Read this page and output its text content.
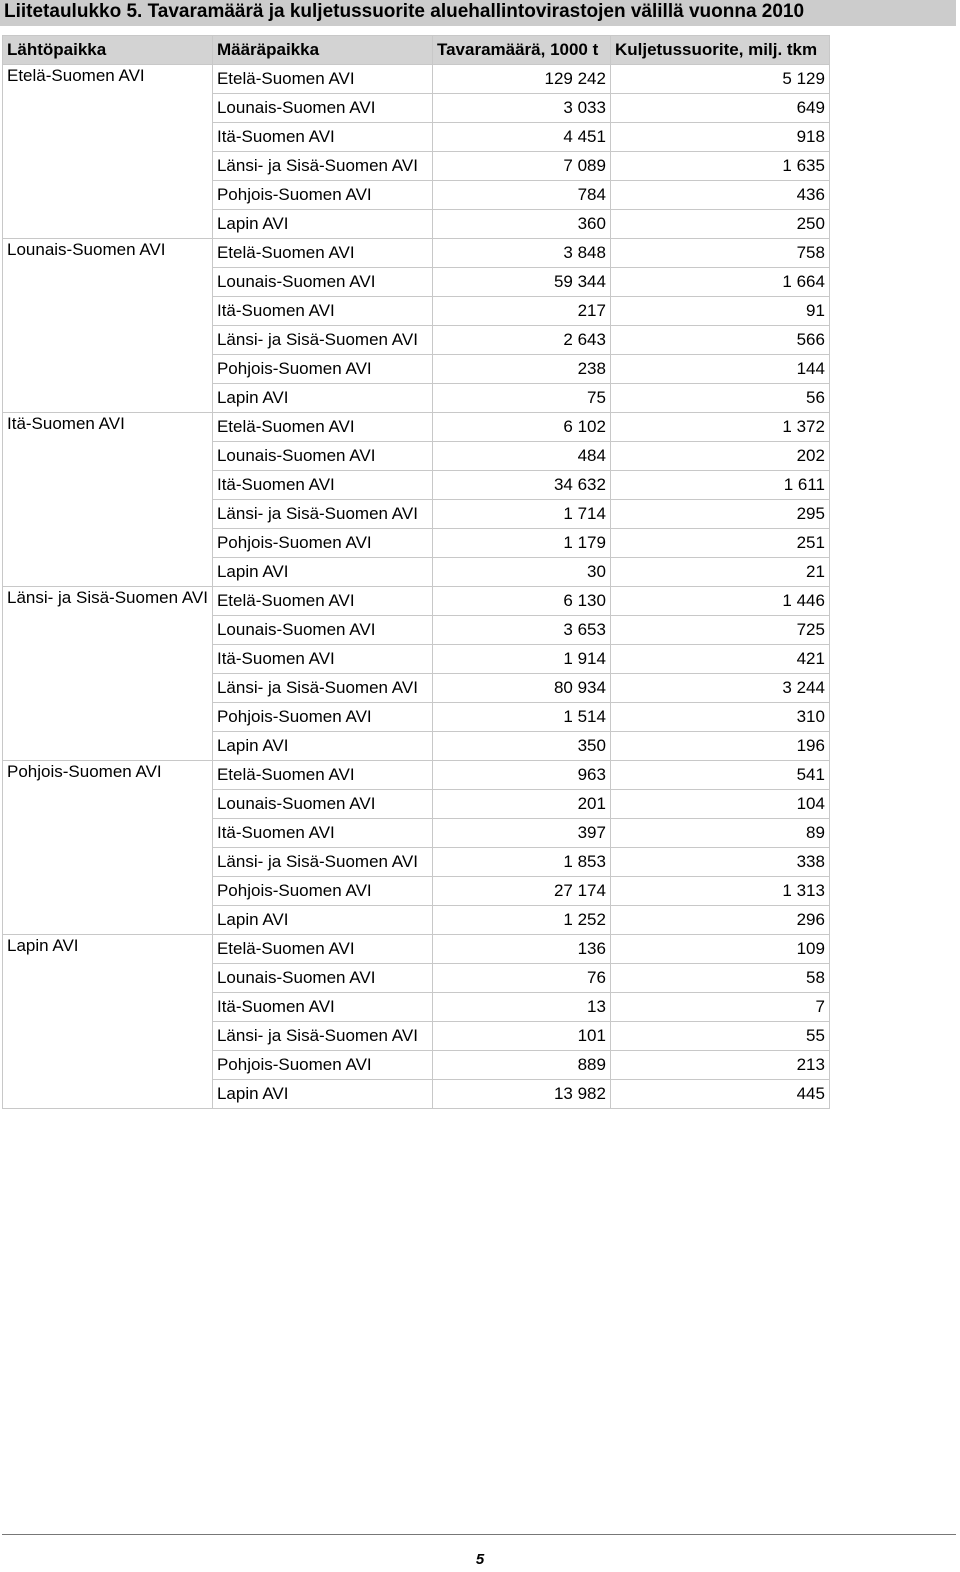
Liitetaulukko 5. Tavaramäärä ja kuljetussuorite aluehallintovirastojen välillä vuonna 2010
Lähtöpaikka	Määräpaikka	Tavaramäärä, 1000 t	Kuljetussuorite, milj. tkm
Etelä-Suomen AVI	Etelä-Suomen AVI	129 242	5 129
	Lounais-Suomen AVI	3 033	649
	Itä-Suomen AVI	4 451	918
	Länsi- ja Sisä-Suomen AVI	7 089	1 635
	Pohjois-Suomen AVI	784	436
	Lapin AVI	360	250
Lounais-Suomen AVI	Etelä-Suomen AVI	3 848	758
	Lounais-Suomen AVI	59 344	1 664
	Itä-Suomen AVI	217	91
	Länsi- ja Sisä-Suomen AVI	2 643	566
	Pohjois-Suomen AVI	238	144
	Lapin AVI	75	56
Itä-Suomen AVI	Etelä-Suomen AVI	6 102	1 372
	Lounais-Suomen AVI	484	202
	Itä-Suomen AVI	34 632	1 611
	Länsi- ja Sisä-Suomen AVI	1 714	295
	Pohjois-Suomen AVI	1 179	251
	Lapin AVI	30	21
Länsi- ja Sisä-Suomen AVI	Etelä-Suomen AVI	6 130	1 446
	Lounais-Suomen AVI	3 653	725
	Itä-Suomen AVI	1 914	421
	Länsi- ja Sisä-Suomen AVI	80 934	3 244
	Pohjois-Suomen AVI	1 514	310
	Lapin AVI	350	196
Pohjois-Suomen AVI	Etelä-Suomen AVI	963	541
	Lounais-Suomen AVI	201	104
	Itä-Suomen AVI	397	89
	Länsi- ja Sisä-Suomen AVI	1 853	338
	Pohjois-Suomen AVI	27 174	1 313
	Lapin AVI	1 252	296
Lapin AVI	Etelä-Suomen AVI	136	109
	Lounais-Suomen AVI	76	58
	Itä-Suomen AVI	13	7
	Länsi- ja Sisä-Suomen AVI	101	55
	Pohjois-Suomen AVI	889	213
	Lapin AVI	13 982	445
5
